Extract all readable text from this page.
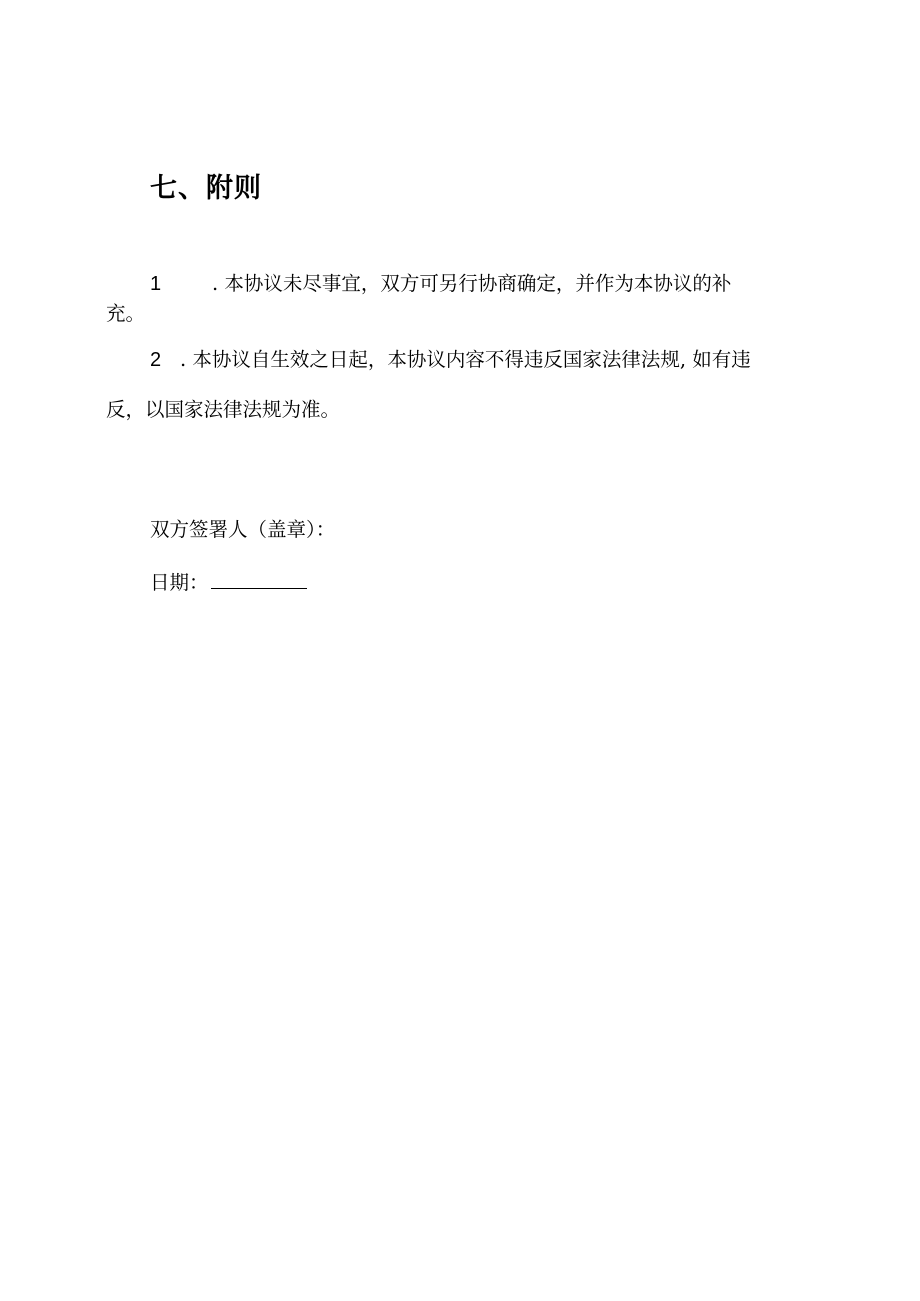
七、附则
1	. 本协议未尽事宜，双方可另行协商确定，并作为本协议的补
充。
2 . 本协议自生效之日起，本协议内容不得违反国家法律法规, 如有违
反，以国家法律法规为准。
双方签署人（盖章）：
日期：
